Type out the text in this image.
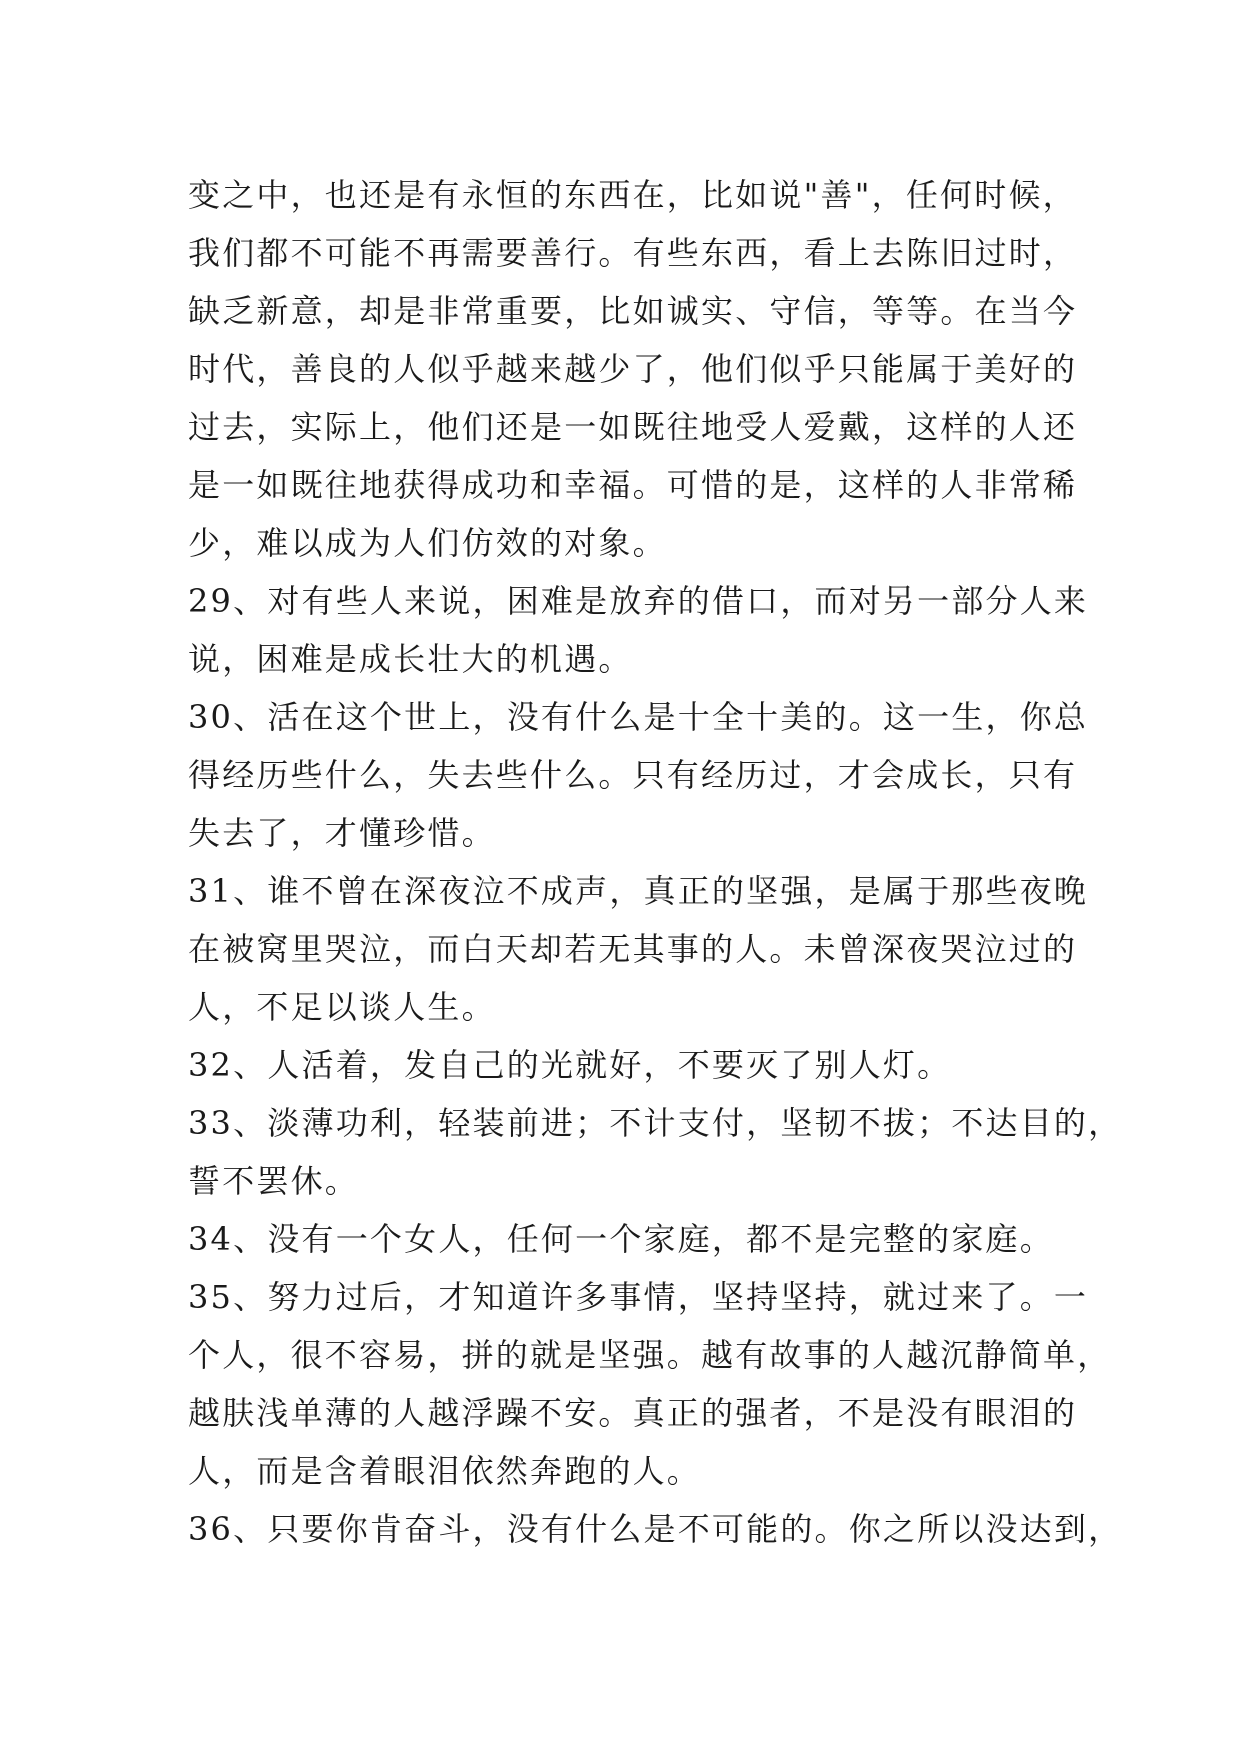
变之中，也还是有永恒的东西在，比如说"善"，任何时候，
我们都不可能不再需要善行。有些东西，看上去陈旧过时，
缺乏新意，却是非常重要，比如诚实、守信，等等。在当今
时代，善良的人似乎越来越少了，他们似乎只能属于美好的
过去，实际上，他们还是一如既往地受人爱戴，这样的人还
是一如既往地获得成功和幸福。可惜的是，这样的人非常稀
少，难以成为人们仿效的对象。
29、对有些人来说，困难是放弃的借口，而对另一部分人来
说，困难是成长壮大的机遇。
30、活在这个世上，没有什么是十全十美的。这一生，你总
得经历些什么，失去些什么。只有经历过，才会成长，只有
失去了，才懂珍惜。
31、谁不曾在深夜泣不成声，真正的坚强，是属于那些夜晚
在被窝里哭泣，而白天却若无其事的人。未曾深夜哭泣过的
人，不足以谈人生。
32、人活着，发自己的光就好，不要灭了别人灯。
33、淡薄功利，轻装前进；不计支付，坚韧不拔；不达目的，
誓不罢休。
34、没有一个女人，任何一个家庭，都不是完整的家庭。
35、努力过后，才知道许多事情，坚持坚持，就过来了。一
个人，很不容易，拼的就是坚强。越有故事的人越沉静简单，
越肤浅单薄的人越浮躁不安。真正的强者，不是没有眼泪的
人，而是含着眼泪依然奔跑的人。
36、只要你肯奋斗，没有什么是不可能的。你之所以没达到，
